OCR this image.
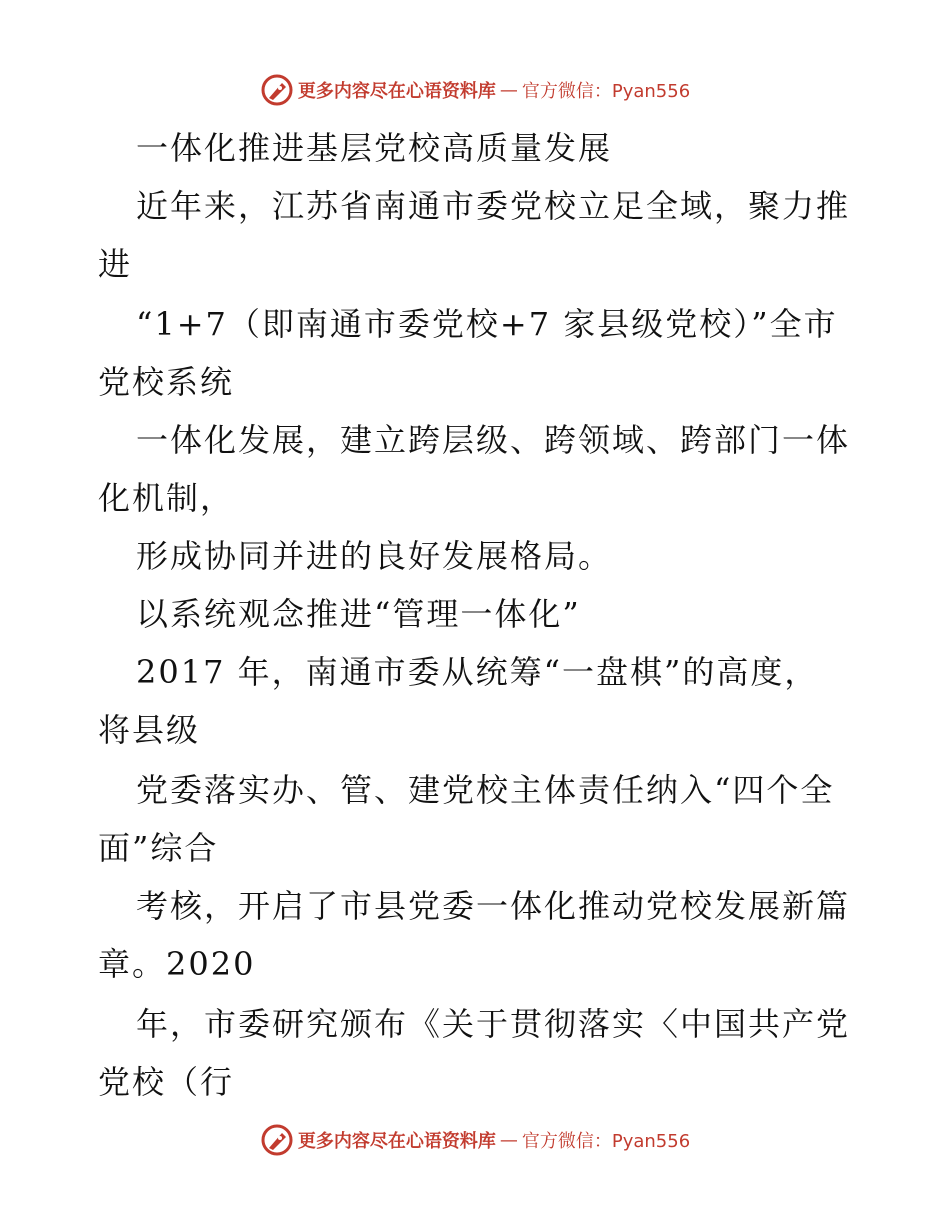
更多内容尽在心语资料库 — 官方微信：Pyan556
一体化推进基层党校高质量发展
近年来，江苏省南通市委党校立足全域，聚力推
进
“1+7（即南通市委党校+7 家县级党校）”全市
党校系统
一体化发展，建立跨层级、跨领域、跨部门一体
化机制，
形成协同并进的良好发展格局。
以系统观念推进“管理一体化”
2017 年，南通市委从统筹“一盘棋”的高度，
将县级
党委落实办、管、建党校主体责任纳入“四个全
面”综合
考核，开启了市县党委一体化推动党校发展新篇
章。2020
年，市委研究颁布《关于贯彻落实〈中国共产党
党校（行
更多内容尽在心语资料库 — 官方微信：Pyan556
